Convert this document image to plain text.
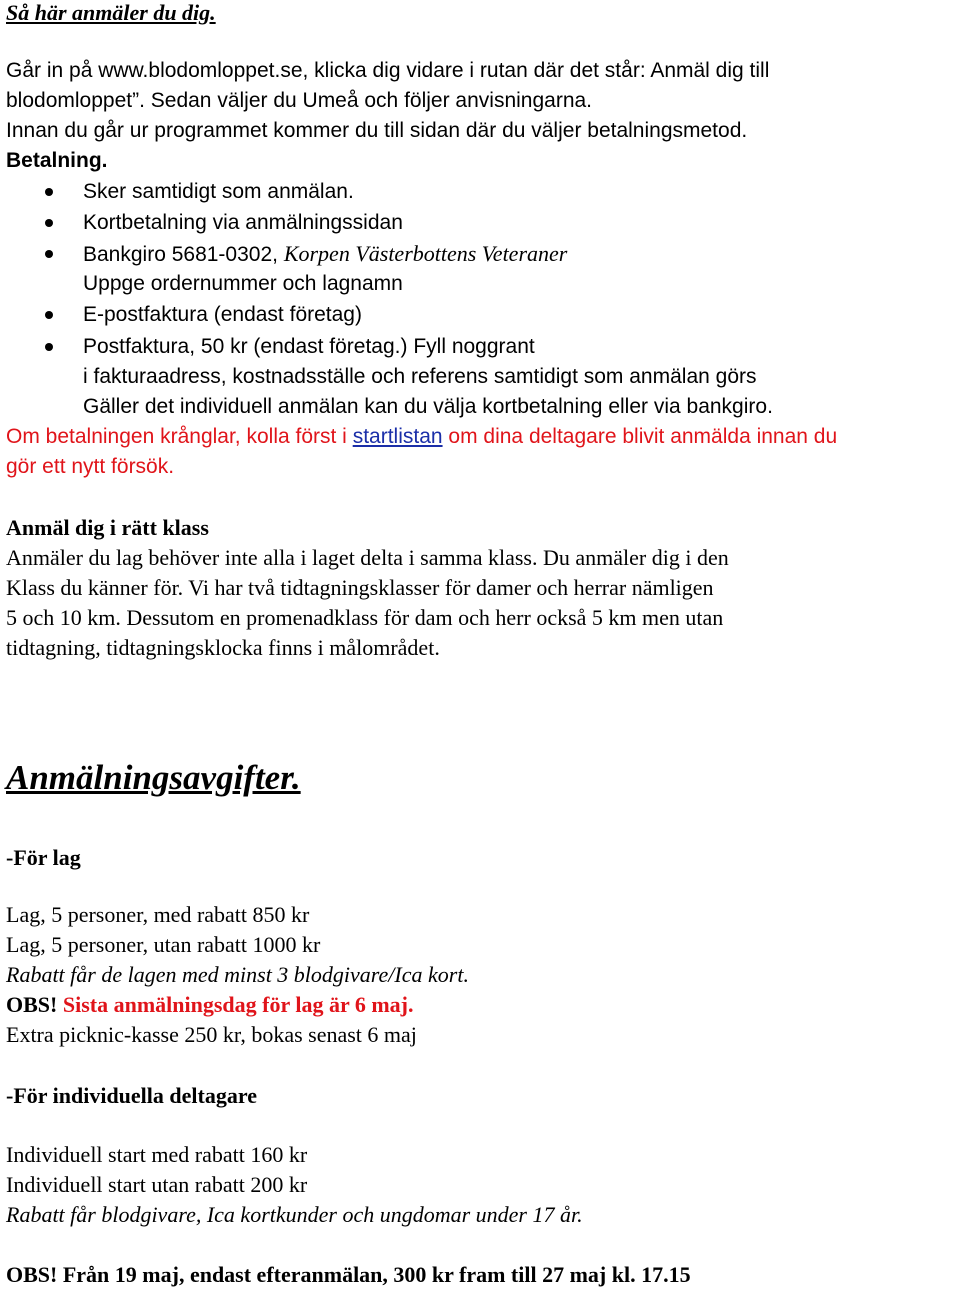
Så här anmäler du dig.
Går in på www.blodomloppet.se, klicka dig vidare i rutan där det står: Anmäl dig till
blodomloppet”. Sedan väljer du Umeå och följer anvisningarna.
Innan du går ur programmet kommer du till sidan där du väljer betalningsmetod.
Betalning.
Sker samtidigt som anmälan.
Kortbetalning via anmälningssidan
Bankgiro 5681-0302, Korpen Västerbottens Veteraner
Uppge ordernummer och lagnamn
E-postfaktura (endast företag)
Postfaktura, 50 kr (endast företag.) Fyll noggrant
i fakturaadress, kostnadsställe och referens samtidigt som anmälan görs
Gäller det individuell anmälan kan du välja kortbetalning eller via bankgiro.
Om betalningen krånglar, kolla först i startlistan om dina deltagare blivit anmälda innan du
gör ett nytt försök.
Anmäl dig i rätt klass
Anmäler du lag behöver inte alla i laget delta i samma klass. Du anmäler dig i den
Klass du känner för. Vi har två tidtagningsklasser för damer och herrar nämligen
5 och 10 km. Dessutom en promenadklass för dam och herr också 5 km men utan
tidtagning, tidtagningsklocka finns i målområdet.
Anmälningsavgifter.
-För lag
Lag, 5 personer, med rabatt 850 kr
Lag, 5 personer, utan rabatt 1000 kr
Rabatt får de lagen med minst 3 blodgivare/Ica kort.
OBS! Sista anmälningsdag för lag är 6 maj.
Extra picknic-kasse 250 kr, bokas senast 6 maj
-För individuella deltagare
Individuell start med rabatt 160 kr
Individuell start utan rabatt 200 kr
Rabatt får blodgivare, Ica kortkunder och ungdomar under 17 år.
OBS! Från 19 maj, endast efteranmälan, 300 kr fram till 27 maj kl. 17.15
